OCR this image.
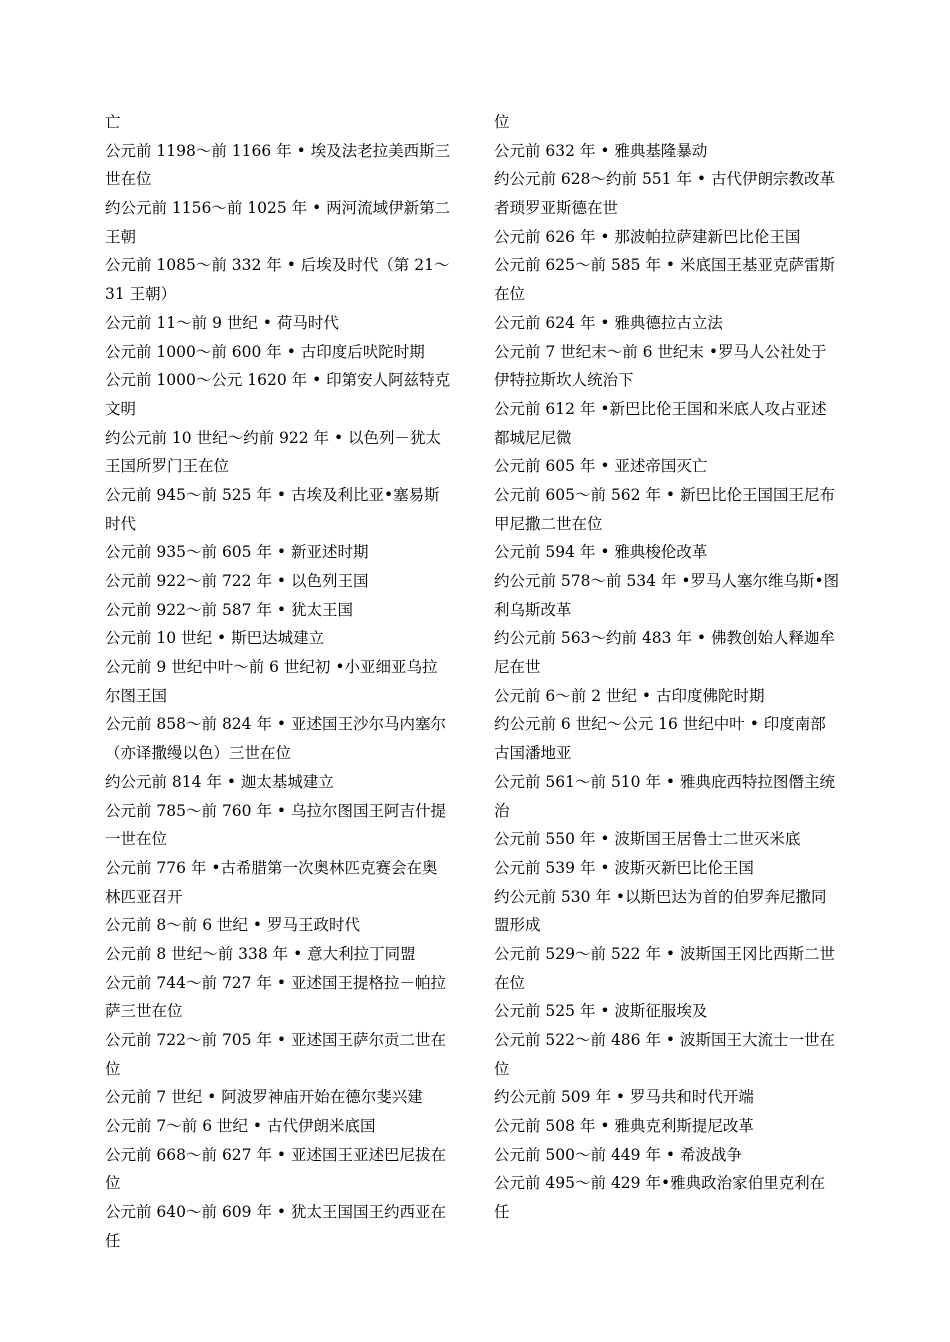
亡
公元前 1198～前 1166 年 • 埃及法老拉美西斯三
世在位
约公元前 1156～前 1025 年 • 两河流域伊新第二
王朝
公元前 1085～前 332 年 • 后埃及时代（第 21～
31 王朝）
公元前 11～前 9 世纪 • 荷马时代
公元前 1000～前 600 年 • 古印度后吠陀时期
公元前 1000～公元 1620 年 • 印第安人阿兹特克
文明
约公元前 10 世纪～约前 922 年 • 以色列－犹太
王国所罗门王在位
公元前 945～前 525 年 • 古埃及利比亚•塞易斯
时代
公元前 935～前 605 年 • 新亚述时期
公元前 922～前 722 年 • 以色列王国
公元前 922～前 587 年 • 犹太王国
公元前 10 世纪 • 斯巴达城建立
公元前 9 世纪中叶～前 6 世纪初 •小亚细亚乌拉
尔图王国
公元前 858～前 824 年 • 亚述国王沙尔马内塞尔
（亦译撒缦以色）三世在位
约公元前 814 年 • 迦太基城建立
公元前 785～前 760 年 • 乌拉尔图国王阿吉什提
一世在位
公元前 776 年 •古希腊第一次奥林匹克赛会在奥
林匹亚召开
公元前 8～前 6 世纪 • 罗马王政时代
公元前 8 世纪～前 338 年 • 意大利拉丁同盟
公元前 744～前 727 年 • 亚述国王提格拉－帕拉
萨三世在位
公元前 722～前 705 年 • 亚述国王萨尔贡二世在
位
公元前 7 世纪 • 阿波罗神庙开始在德尔斐兴建
公元前 7～前 6 世纪 • 古代伊朗米底国
公元前 668～前 627 年 • 亚述国王亚述巴尼拔在
位
公元前 640～前 609 年 • 犹太王国国王约西亚在
任
位
公元前 632 年 • 雅典基隆暴动
约公元前 628～约前 551 年 • 古代伊朗宗教改革
者琐罗亚斯德在世
公元前 626 年 • 那波帕拉萨建新巴比伦王国
公元前 625～前 585 年 • 米底国王基亚克萨雷斯
在位
公元前 624 年 • 雅典德拉古立法
公元前 7 世纪末～前 6 世纪末 •罗马人公社处于
伊特拉斯坎人统治下
公元前 612 年 •新巴比伦王国和米底人攻占亚述
都城尼尼微
公元前 605 年 • 亚述帝国灭亡
公元前 605～前 562 年 • 新巴比伦王国国王尼布
甲尼撒二世在位
公元前 594 年 • 雅典梭伦改革
约公元前 578～前 534 年 •罗马人塞尔维乌斯•图
利乌斯改革
约公元前 563～约前 483 年 • 佛教创始人释迦牟
尼在世
公元前 6～前 2 世纪 • 古印度佛陀时期
约公元前 6 世纪～公元 16 世纪中叶 • 印度南部
古国潘地亚
公元前 561～前 510 年 • 雅典庇西特拉图僭主统
治
公元前 550 年 • 波斯国王居鲁士二世灭米底
公元前 539 年 • 波斯灭新巴比伦王国
约公元前 530 年 •以斯巴达为首的伯罗奔尼撒同
盟形成
公元前 529～前 522 年 • 波斯国王冈比西斯二世
在位
公元前 525 年 • 波斯征服埃及
公元前 522～前 486 年 • 波斯国王大流士一世在
位
约公元前 509 年 • 罗马共和时代开端
公元前 508 年 • 雅典克利斯提尼改革
公元前 500～前 449 年 • 希波战争
公元前 495～前 429 年•雅典政治家伯里克利在
任
